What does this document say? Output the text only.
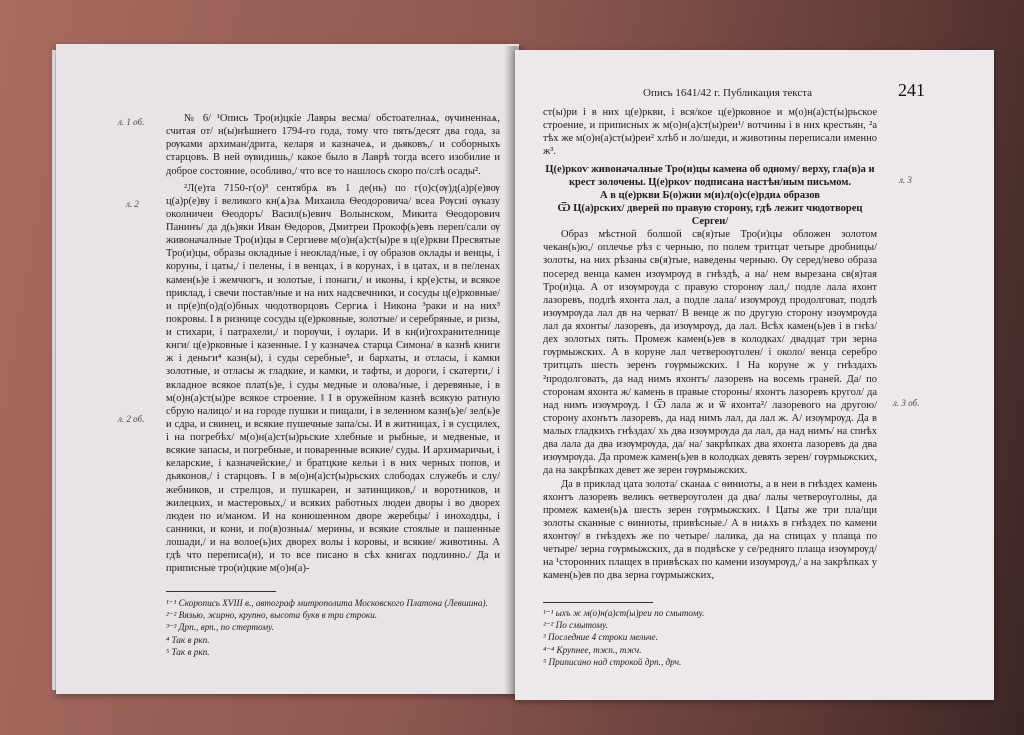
л. 1 об.
л. 2
л. 2 об.

№ 6/ ¹Опись Тро(и)цкіе Лавры весма/ обстоателнаѧ, ѹчиненнаѧ, считая от/ н(ы)нѣшнего 1794-го года, тому что пять/десят два года, за рѹками архиман/дрита, келаря и казначеѧ, и дьяковъ,/ и соборныхъ старцовъ. В ней ѹвидишь,/ какое было в Лаврѣ тогда всего изобилие и доброе состояние, особливо,/ что все то нашлось скоро по/слѣ осады².

²Л(е)та 7150-г(о)³ сентябрѧ въ 1 де(нь) по г(о)с(ѹ)д(а)р(е)вѹ ц(а)р(е)ву і великого кн(ѧ)зѧ Михаила Ѳеодоровича/ всеа Рѹсиі ѹказу околничеи Ѳеодоръ/ Васил(ь)евич Волынском, Микита Ѳеодорович Панинъ/ да д(ь)яки Иван Ѳедоров, Дмитреи Прокоф(ь)евъ переп/сали ѹ живоначалные Тро(и)цы в Сергиеве м(о)н(а)ст(ы)ре в ц(е)ркви Пресвятые Тро(и)цы, образы окладные і неоклад/ные, і ѹ образов оклады и венцы, і коруны, і цаты,/ і пелены, і в венцах, і в корунах, і в цатах, и в пе/ленах камен(ь)е і жемчюгъ, и золотые, і понаги,/ и иконы, і кр(е)сты, и всякое приклад, і свечи постав/ные и на них надсвечники, и сосуды ц(е)рковные/ и пр(е)п(о)д(о)бных чюдотворцовъ Сергиѧ і Никона ³раки и на них³ покровы. І в ризнице сосуды ц(е)рковные, золотые/ и серебряные, и ризы, и стихари, і патрахели,/ и порѹчи, і ѹлари. И в кн(и)гохранителнице кнги/ ц(е)рковные і казенные. І у казначеѧ старца Симона/ в казнѣ книги ж і деньги⁴ казн(ы), і суды серебные⁵, и бархаты, и отласы, і камки золотные, и отласы ж гладкие, и камки, и тафты, и дороги, і скатерти,/ і вкладное всякое плат(ь)е, і суды медные и олова/ные, і деревяные, і в м(о)н(а)ст(ы)ре всякое строение. ‖ І в оружейном казнѣ всякую ратную сбрую налицо/ и на городе пушки и пищали, і в зеленном казн(ь)е/ зел(ь)е и сдра, и свинец, и всякие пушечные запа/сы. И в житницах, і в сусцилех, і на погребѣх/ м(о)н(а)ст(ы)рьские хлебные и рыбные, и медвеные, и всякие запасы, и погребные, и поваренные всякие/ суды. И архимаричьи, і келарские, і казначейские,/ и братцкие кельи і в них черных попов, и дьяконов,/ і старцовъ. І в м(о)н(а)ст(ы)рьских слободах служебъ и слу/жебников, и стрелцов, и пушкареи, и затинщиков,/ и воротников, и жилецких, и мастеровых,/ и всяких работных людеи дворы і во дворех людеи по и/маном. И на конюшенном дворе жеребцы/ і иноходцы, і санники, и кони, и по(в)озныѧ/ мерины, и всякие стоялые и пашенные лошади,/ и на волое(ь)их дворех волы і коровы, и всякие/ животины. А гдѣ что переписа(н), и то все писано в сѣх книгах подлинно./ Да и приписные тро(и)цкие м(о)н(а)-

¹⁻¹ Скоропись XVIII в., автограф митрополита Московского Платона (Левшина).
²⁻² Вязью, жирно, крупно, высота букв в три строки.
³⁻³ Дрп., врп., по стертому.
⁴ Так в ркп.
⁵ Так в ркп.
Опись 1641/42 г. Публикация текста	241
л. 3
л. 3 об.

ст(ы)ри і в них ц(е)ркви, і вся/кое ц(е)рковное и м(о)н(а)ст(ы)рьское строение, и приписных ж м(о)н(а)ст(ы)реи¹/ вотчины і в них крестьян, ²а тѣх же м(о)н(а)ст(ы)реи² хлѣб и ло/шеди, и животины переписали именно ж³.

Ц(е)ркоѵ живоначалные Тро(и)цы камена об одному/ верху, гла(в)а и крест золочены. Ц(е)ркоѵ подписана настѣн/ным письмом.

А в ц(е)ркви Б(о)жии м(и)л(о)с(е)рдиѧ образов

Ѿ Ц(а)рских/ дверей по правую сторону, гдѣ лежит чюдотворец Сергеи/

Образ мѣстной болшой св(я)тые Тро(и)цы обложен золотом чекан(ь)ю,/ оплечье рѣз с черныю, по полем тритцат четыре дробницы/ золоты, на них рѣзаны св(я)тые, наведены черныю. Ѹ серед/нево образа посеред венца камен изѹмрѹд в гнѣздѣ, а на/ нем вырезана св(я)тая Тро(и)ца. А от изѹмрѹда с правую сторонѹ лал,/ подле лала яхонт лазоревъ, подлѣ яхонта лал, а подле лала/ изѹмрѹд продолговат, подлѣ изѹмрѹда лал дв на черват/ В венце ж по другую сторону изѹмрѹда лал да яхонты/ лазоревъ, да изѹмрѹд, да лал. Всѣх камен(ь)ев і в гнѣз/дех золотых пять. Промеж камен(ь)ев в колодках/ двадцат три зерна гѹрмыжских. А в коруне лал четвероѹголен/ і около/ венца серебро тритцать шесть зеренъ гѹрмыжских. ‖ На коруне ж у гнѣздахъ ²продолговать, да над нимъ яхонтъ/ лазоревъ на восемь граней. Да/ по сторонам яхонта ж/ камень в правые стороны/ яхонтъ лазоревъ кругол/ да над нимъ изѹмрѹд. ‖ Ѿ лала ж и ѿ яхонта²/ лазоревого на другою/ сторону ахонътъ лазоревъ, да над нимъ лал, да лал ж. А/ изѹмрѹд. Да в малых гладкихъ гнѣздах/ хь два изѹмрѹда да лал, да над нимъ/ на спнѣх два лала да два изѹмрѹда, да/ на/ закрѣпках два яхонта лазоревъ да два изѹмрѹда. Да промеж камен(ь)ев в колодках девять зерен/ гѹрмыжских, да на закрѣпках девет же зерен гѹрмыжских.

Да в приклад цата золота/ сканаѧ с ѳиниоты, а в неи в гнѣздех камень яхонтъ лазоревъ великъ ѳетвероуголен да два/ лалы четвероуголны, да промеж камен(ь)ѧ шесть зерен гѹрмыжских. ‖ Цаты же три пла/щи золоты сканные с ѳиниоты, привѣсные./ А в ниѧхъ в гнѣздех по камени яхонтѹ/ в гнѣздехъ же по четыре/ лалика, да на спицах у плаща по четыре/ зерна гѹрмыжских, да в подвѣске у се/редняго плаща изѹмрѹд/ на ¹сторонних плащех в привѣсках по камени изѹмрѹд,/ а на закрѣпках у камен(ь)ев по два зерна гѹрмыжских,

¹⁻¹ ыхъ ж м(о)н(а)ст(ы)реи по смытому.
²⁻² По смытому.
³ Последние 4 строки мельче.
⁴⁻⁴ Крупнее, тжп., тжч.
⁵ Приписано над строкой дрп., дрч.
